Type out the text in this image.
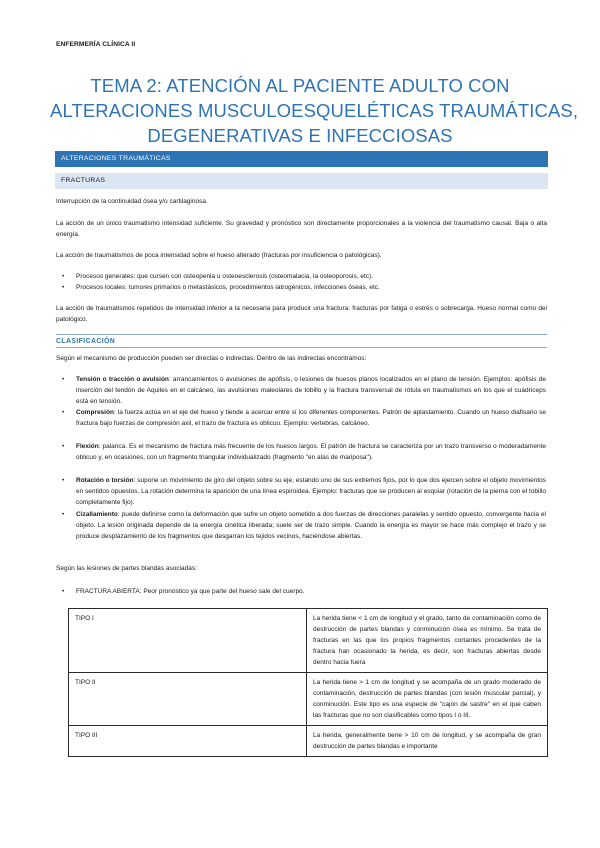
ENFERMERÍA CLÍNICA II
TEMA 2: ATENCIÓN AL PACIENTE ADULTO CON
ALTERACIONES MUSCULOESQUELÉTICAS TRAUMÁTICAS,
DEGENERATIVAS E INFECCIOSAS
ALTERACIONES TRAUMÁTICAS
FRACTURAS
Interrupción de la continuidad ósea y/o cartilaginosa.
La acción de un único traumatismo intensidad suficiente. Su gravedad y pronóstico son directamente proporcionales a la violencia del traumatismo causal. Baja o alta energía.
La acción de traumatismos de poca intensidad sobre el hueso alterado (fracturas por insuficiencia o patológicas).
• Procesos generales: que cursen con osteopenia u osteoesclerosis (osteomalacia, la osteoporosis, etc).
• Procesos locales: tumores primarios o metastásicos, procedimientos iatrogénicos, infecciones óseas, etc.
La acción de traumatismos repetidos de intensidad inferior a la necesaria para producir una fractura: fracturas por fatiga o estrés o sobrecarga. Hueso normal como del patológico.
CLASIFICACIÓN
Según el mecanismo de producción pueden ser directas o indirectas. Dentro de las indirectas encontramos:
• Tensión o tracción o avulsión: arrancamientos o avulsiones de apófisis, o lesiones de huesos planos localizados en el plano de tensión. Ejemplos: apófisis de inserción del tendón de Aquiles en el calcáneo, las avulsiones maleolares de tobillo y la fractura transversal de rótula en traumatismos en los que el cuádriceps está en tensión.
• Compresión: la fuerza actúa en el eje del hueso y tiende a acercar entre sí los diferentes componentes. Patrón de aplastamiento. Cuando un hueso diafisario se fractura bajo fuerzas de compresión axil, el trazo de fractura es oblicuo. Ejemplo: vertebras, calcáneo.
• Flexión: palanca. Es el mecanismo de fractura más frecuente de los huesos largos. El patrón de fractura se caracteriza por un trazo transverso o moderadamente oblicuo y, en ocasiones, con un fragmento triangular individualizado (fragmento "en alas de mariposa").
• Rotación o torsión: supone un movimiento de giro del objeto sobre su eje, estando uno de sus extremos fijos, por lo que dos ejercen sobre el objeto movimientos en sentidos opuestos. La rotación determina la aparición de una línea espiroidea. Ejemplo: fracturas que se producen al esquiar (rotación de la pierna con el tobillo completamente fijo).
• Cizallamiento: puede definirse como la deformación que sufre un objeto sometido a dos fuerzas de direcciones paralelas y sentido opuesto, convergente hacia el objeto. La lesión originada depende de la energía cinética liberada; suele ser de trazo simple. Cuando la energía es mayor se hace más complejo el trazo y se produce desplazamiento de los fragmentos que desgarran los tejidos vecinos, haciéndose abiertas.
Según las lesiones de partes blandas asociadas:
• FRACTURA ABIERTA: Peor pronóstico ya que parte del hueso sale del cuerpo.
TIPO I	La herida tiene < 1 cm de longitud y el grado, tanto de contaminación como de destrucción de partes blandas y conminución ósea es mínimo. Se trata de fracturas en las que los propios fragmentos cortantes procedentes de la fractura han ocasionado la herida, es decir, son fracturas abiertas desde dentro hacia fuera
TIPO II	La herida tiene > 1 cm de longitud y se acompaña de un grado moderado de contaminación, destrucción de partes blandas (con lesión muscular parcial), y conminución. Este tipo es una especie de "cajón de sastre" en el que caben las fracturas que no son clasificables como tipos I o III.
TIPO III	La herida, generalmente tiene > 10 cm de longitud, y se acompaña de gran destrucción de partes blandas e importante
